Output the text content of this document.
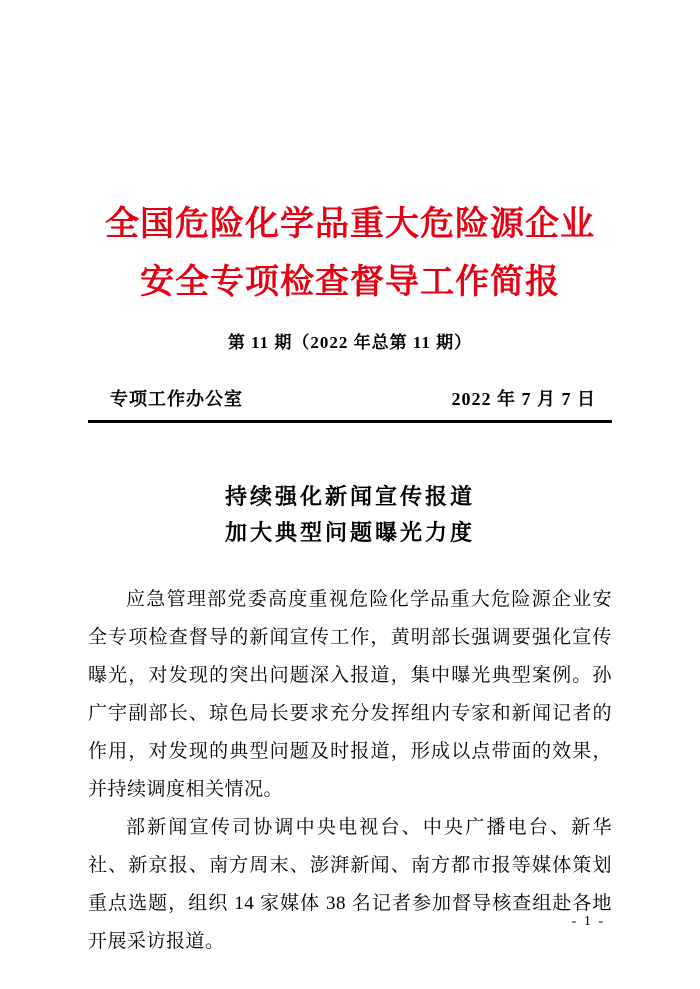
全国危险化学品重大危险源企业
安全专项检查督导工作简报
第 11 期（2022 年总第 11 期）
专项工作办公室	2022 年 7 月 7 日
持续强化新闻宣传报道
加大典型问题曝光力度

应急管理部党委高度重视危险化学品重大危险源企业安全专项检查督导的新闻宣传工作，黄明部长强调要强化宣传曝光，对发现的突出问题深入报道，集中曝光典型案例。孙广宇副部长、琼色局长要求充分发挥组内专家和新闻记者的作用，对发现的典型问题及时报道，形成以点带面的效果，并持续调度相关情况。

部新闻宣传司协调中央电视台、中央广播电台、新华社、新京报、南方周末、澎湃新闻、南方都市报等媒体策划重点选题，组织 14 家媒体 38 名记者参加督导核查组赴各地开展采访报道。

- 1 -
